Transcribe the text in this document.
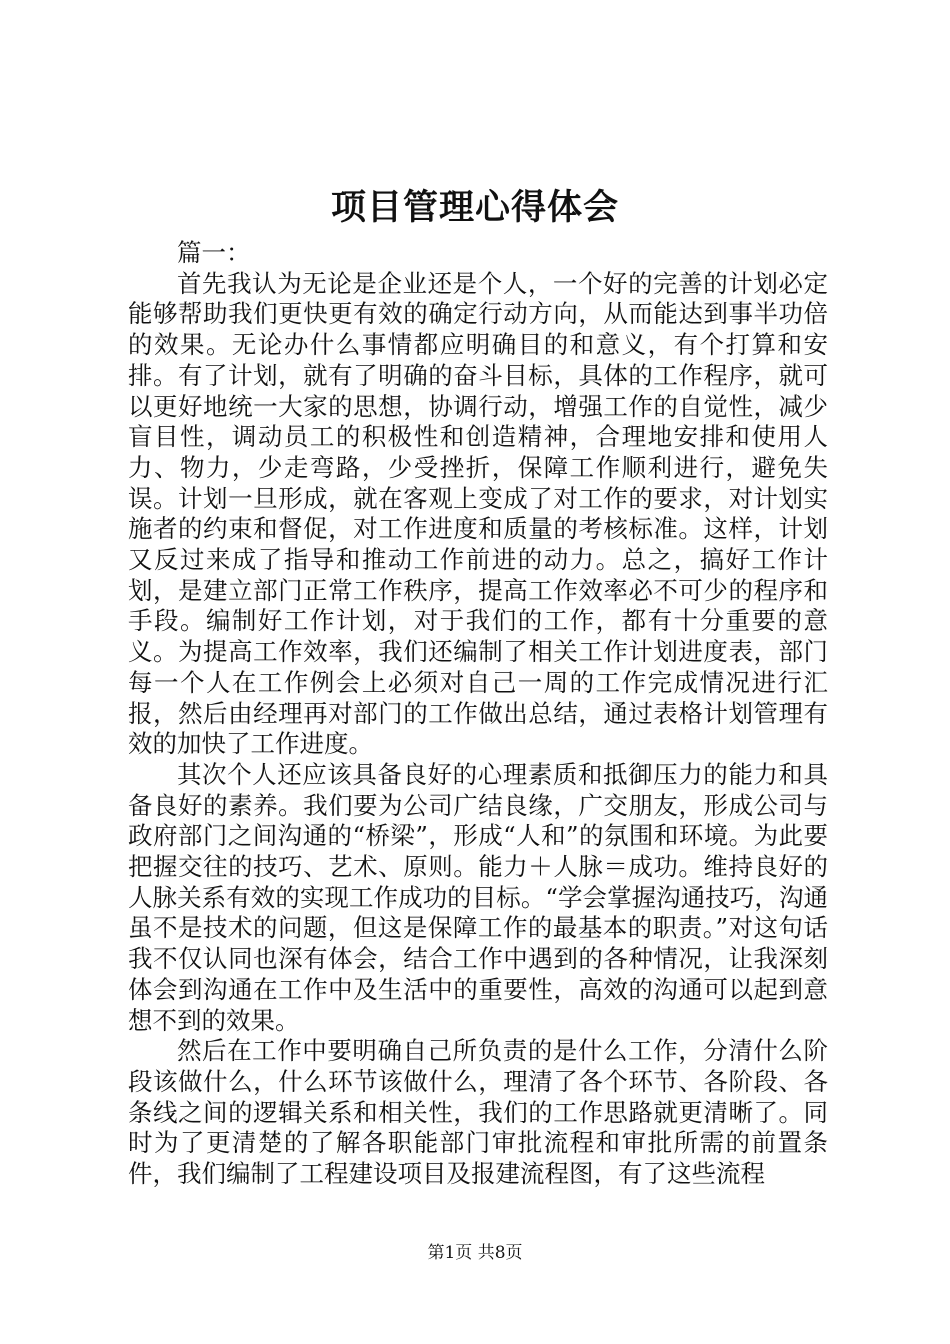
项目管理心得体会

篇一：

首先我认为无论是企业还是个人，一个好的完善的计划必定能够帮助我们更快更有效的确定行动方向，从而能达到事半功倍的效果。无论办什么事情都应明确目的和意义，有个打算和安排。有了计划，就有了明确的奋斗目标，具体的工作程序，就可以更好地统一大家的思想，协调行动，增强工作的自觉性，减少盲目性，调动员工的积极性和创造精神，合理地安排和使用人力、物力，少走弯路，少受挫折，保障工作顺利进行，避免失误。计划一旦形成，就在客观上变成了对工作的要求，对计划实施者的约束和督促，对工作进度和质量的考核标准。这样，计划又反过来成了指导和推动工作前进的动力。总之，搞好工作计划，是建立部门正常工作秩序，提高工作效率必不可少的程序和手段。编制好工作计划，对于我们的工作，都有十分重要的意义。为提高工作效率，我们还编制了相关工作计划进度表，部门每一个人在工作例会上必须对自己一周的工作完成情况进行汇报，然后由经理再对部门的工作做出总结，通过表格计划管理有效的加快了工作进度。

其次个人还应该具备良好的心理素质和抵御压力的能力和具备良好的素养。我们要为公司广结良缘，广交朋友，形成公司与政府部门之间沟通的“桥梁”，形成“人和”的氛围和环境。为此要把握交往的技巧、艺术、原则。能力＋人脉＝成功。维持良好的人脉关系有效的实现工作成功的目标。“学会掌握沟通技巧，沟通虽不是技术的问题，但这是保障工作的最基本的职责。”对这句话我不仅认同也深有体会，结合工作中遇到的各种情况，让我深刻体会到沟通在工作中及生活中的重要性，高效的沟通可以起到意想不到的效果。

然后在工作中要明确自己所负责的是什么工作，分清什么阶段该做什么，什么环节该做什么，理清了各个环节、各阶段、各条线之间的逻辑关系和相关性，我们的工作思路就更清晰了。同时为了更清楚的了解各职能部门审批流程和审批所需的前置条件，我们编制了工程建设项目及报建流程图，有了这些流程

第1页 共8页
